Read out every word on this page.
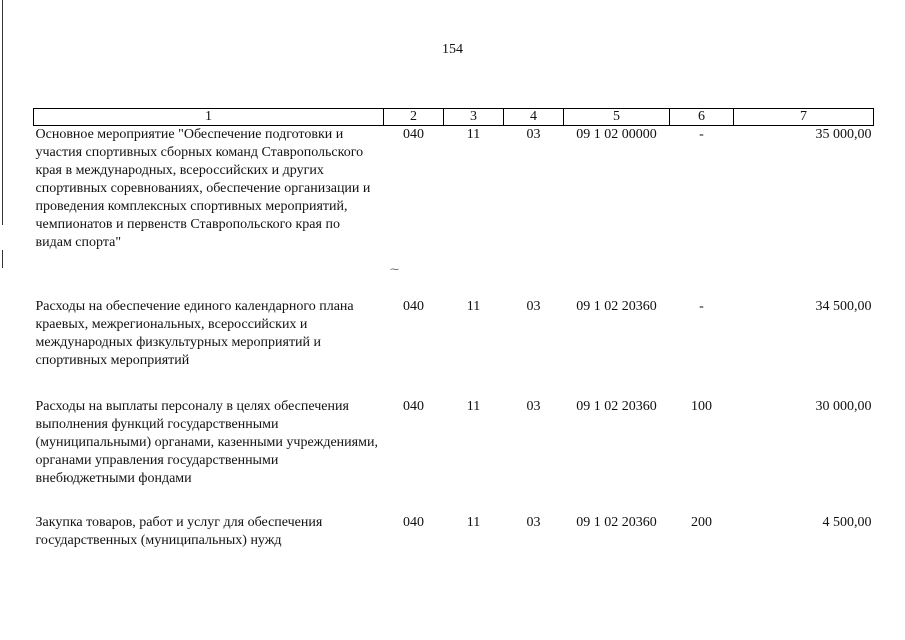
154
1	2	3	4	5	6	7
Основное мероприятие "Обеспечение подготовки и участия спортивных сборных команд Ставропольского края в международных, всероссийских и других спортивных соревнованиях, обеспечение организации и проведения комплексных спортивных мероприятий, чемпионатов и первенств Ставропольского края по видам спорта"	040	11	03	09 1 02 00000	-	35 000,00
Расходы на обеспечение единого календарного плана краевых, межрегиональных, всероссийских и международных физкультурных мероприятий и спортивных мероприятий	040	11	03	09 1 02 20360	-	34 500,00
Расходы на выплаты персоналу в целях обеспечения выполнения функций государственными (муниципальными) органами, казенными учреждениями, органами управления государственными внебюджетными фондами	040	11	03	09 1 02 20360	100	30 000,00
Закупка товаров, работ и услуг для обеспечения государственных (муниципальных) нужд	040	11	03	09 1 02 20360	200	4 500,00
⁓
